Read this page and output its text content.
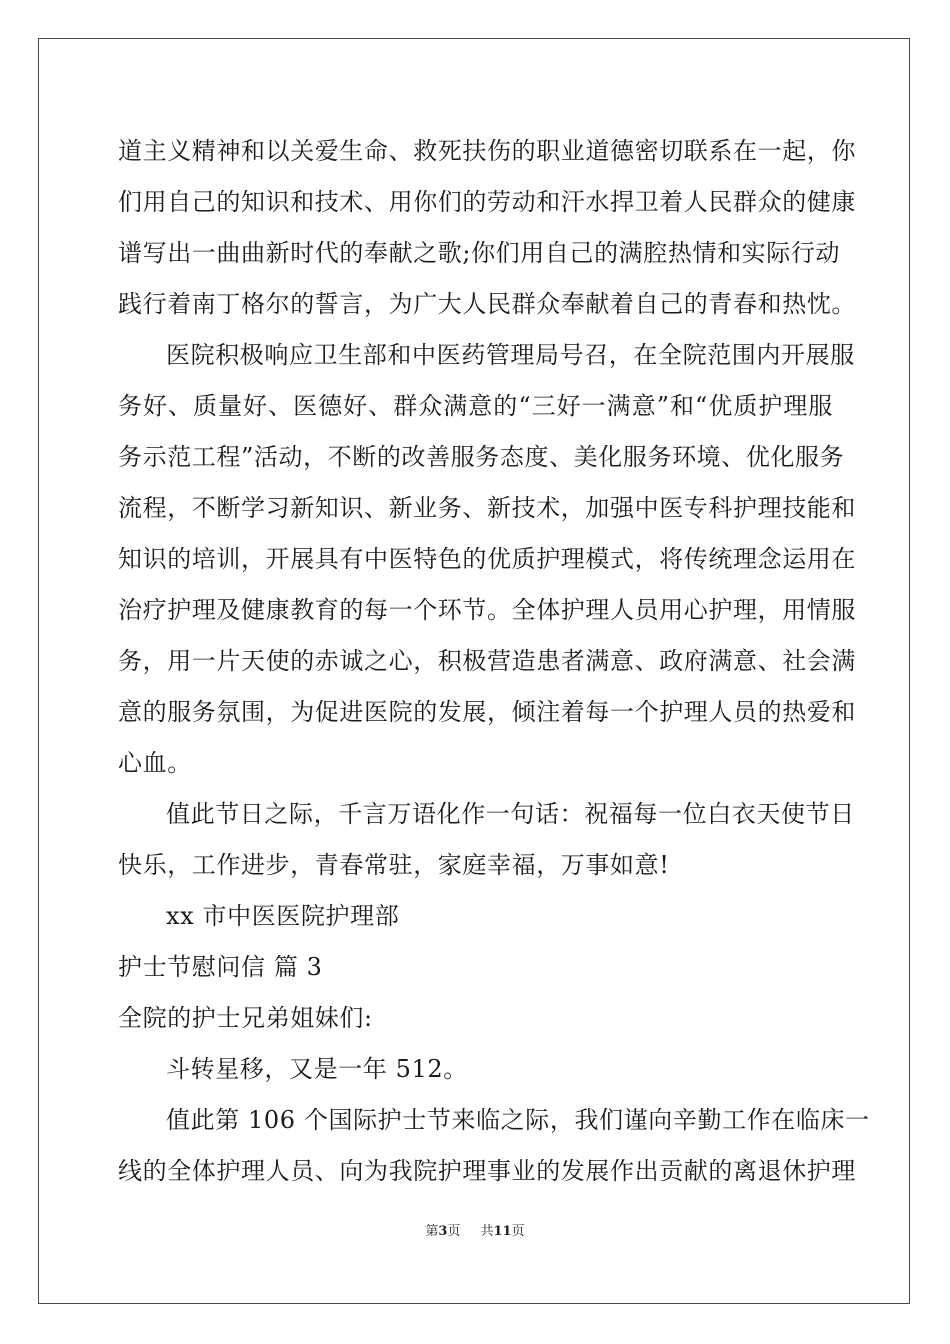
道主义精神和以关爱生命、救死扶伤的职业道德密切联系在一起，你
们用自己的知识和技术、用你们的劳动和汗水捍卫着人民群众的健康
谱写出一曲曲新时代的奉献之歌;你们用自己的满腔热情和实际行动
践行着南丁格尔的誓言，为广大人民群众奉献着自己的青春和热忱。
医院积极响应卫生部和中医药管理局号召，在全院范围内开展服
务好、质量好、医德好、群众满意的“三好一满意”和“优质护理服
务示范工程”活动，不断的改善服务态度、美化服务环境、优化服务
流程，不断学习新知识、新业务、新技术，加强中医专科护理技能和
知识的培训，开展具有中医特色的优质护理模式，将传统理念运用在
治疗护理及健康教育的每一个环节。全体护理人员用心护理，用情服
务，用一片天使的赤诚之心，积极营造患者满意、政府满意、社会满
意的服务氛围，为促进医院的发展，倾注着每一个护理人员的热爱和
心血。
值此节日之际，千言万语化作一句话：祝福每一位白衣天使节日
快乐，工作进步，青春常驻，家庭幸福，万事如意!
xx 市中医医院护理部
护士节慰问信 篇 3
全院的护士兄弟姐妹们:
斗转星移，又是一年 512。
值此第 106 个国际护士节来临之际，我们谨向辛勤工作在临床一
线的全体护理人员、向为我院护理事业的发展作出贡献的离退休护理
第3页 共11页
